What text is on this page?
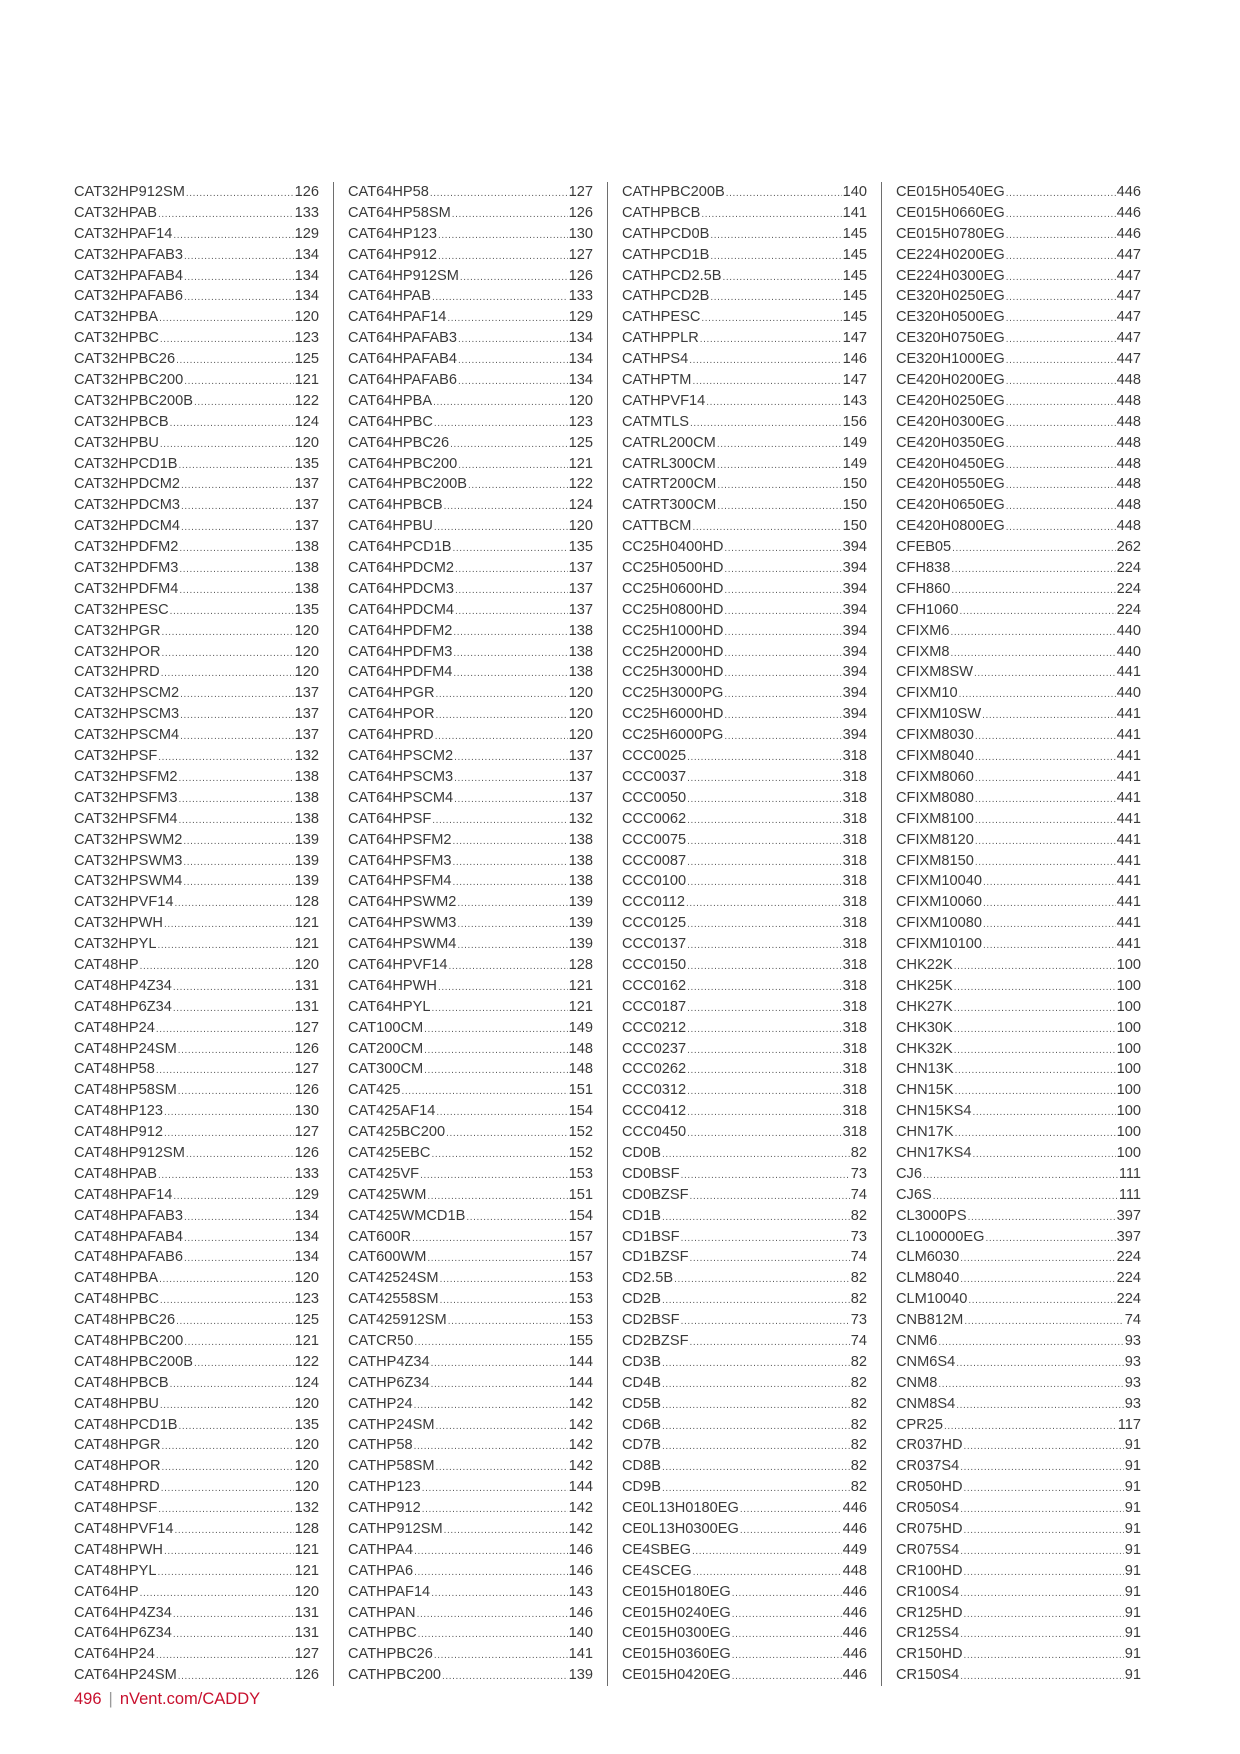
CAT32HP912SM .....	126
CAT32HPAB .....	133
CAT32HPAF14 .....	129
CAT32HPAFAB3 .....	134
CAT32HPAFAB4 .....	134
CAT32HPAFAB6 .....	134
CAT32HPBA .....	120
CAT32HPBC .....	123
CAT32HPBC26 .....	125
CAT32HPBC200 .....	121
CAT32HPBC200B .....	122
CAT32HPBCB .....	124
CAT32HPBU .....	120
CAT32HPCD1B .....	135
CAT32HPDCM2 .....	137
CAT32HPDCM3 .....	137
CAT32HPDCM4 .....	137
CAT32HPDFM2 .....	138
CAT32HPDFM3 .....	138
CAT32HPDFM4 .....	138
CAT32HPESC .....	135
CAT32HPGR .....	120
CAT32HPOR .....	120
CAT32HPRD .....	120
CAT32HPSCM2 .....	137
CAT32HPSCM3 .....	137
CAT32HPSCM4 .....	137
CAT32HPSF .....	132
CAT32HPSFM2 .....	138
CAT32HPSFM3 .....	138
CAT32HPSFM4 .....	138
CAT32HPSWM2 .....	139
CAT32HPSWM3 .....	139
CAT32HPSWM4 .....	139
CAT32HPVF14 .....	128
CAT32HPWH .....	121
CAT32HPYL .....	121
CAT48HP .....	120
CAT48HP4Z34 .....	131
CAT48HP6Z34 .....	131
CAT48HP24 .....	127
CAT48HP24SM .....	126
CAT48HP58 .....	127
CAT48HP58SM .....	126
CAT48HP123 .....	130
CAT48HP912 .....	127
CAT48HP912SM .....	126
CAT48HPAB .....	133
CAT48HPAF14 .....	129
CAT48HPAFAB3 .....	134
CAT48HPAFAB4 .....	134
CAT48HPAFAB6 .....	134
CAT48HPBA .....	120
CAT48HPBC .....	123
CAT48HPBC26 .....	125
CAT48HPBC200 .....	121
CAT48HPBC200B .....	122
CAT48HPBCB .....	124
CAT48HPBU .....	120
CAT48HPCD1B .....	135
CAT48HPGR .....	120
CAT48HPOR .....	120
CAT48HPRD .....	120
CAT48HPSF .....	132
CAT48HPVF14 .....	128
CAT48HPWH .....	121
CAT48HPYL .....	121
CAT64HP .....	120
CAT64HP4Z34 .....	131
CAT64HP6Z34 .....	131
CAT64HP24 .....	127
CAT64HP24SM .....	126
CAT64HP58 .....	127
CAT64HP58SM .....	126
CAT64HP123 .....	130
CAT64HP912 .....	127
CAT64HP912SM .....	126
CAT64HPAB .....	133
CAT64HPAF14 .....	129
CAT64HPAFAB3 .....	134
CAT64HPAFAB4 .....	134
CAT64HPAFAB6 .....	134
CAT64HPBA .....	120
CAT64HPBC .....	123
CAT64HPBC26 .....	125
CAT64HPBC200 .....	121
CAT64HPBC200B .....	122
CAT64HPBCB .....	124
CAT64HPBU .....	120
CAT64HPCD1B .....	135
CAT64HPDCM2 .....	137
CAT64HPDCM3 .....	137
CAT64HPDCM4 .....	137
CAT64HPDFM2 .....	138
CAT64HPDFM3 .....	138
CAT64HPDFM4 .....	138
CAT64HPGR .....	120
CAT64HPOR .....	120
CAT64HPRD .....	120
CAT64HPSCM2 .....	137
CAT64HPSCM3 .....	137
CAT64HPSCM4 .....	137
CAT64HPSF .....	132
CAT64HPSFM2 .....	138
CAT64HPSFM3 .....	138
CAT64HPSFM4 .....	138
CAT64HPSWM2 .....	139
CAT64HPSWM3 .....	139
CAT64HPSWM4 .....	139
CAT64HPVF14 .....	128
CAT64HPWH .....	121
CAT64HPYL .....	121
CAT100CM .....	149
CAT200CM .....	148
CAT300CM .....	148
CAT425 .....	151
CAT425AF14 .....	154
CAT425BC200 .....	152
CAT425EBC .....	152
CAT425VF .....	153
CAT425WM .....	151
CAT425WMCD1B .....	154
CAT600R .....	157
CAT600WM .....	157
CAT42524SM .....	153
CAT42558SM .....	153
CAT425912SM .....	153
CATCR50 .....	155
CATHP4Z34 .....	144
CATHP6Z34 .....	144
CATHP24 .....	142
CATHP24SM .....	142
CATHP58 .....	142
CATHP58SM .....	142
CATHP123 .....	144
CATHP912 .....	142
CATHP912SM .....	142
CATHPA4 .....	146
CATHPA6 .....	146
CATHPAF14 .....	143
CATHPAN .....	146
CATHPBC .....	140
CATHPBC26 .....	141
CATHPBC200 .....	139
CATHPBC200B .....	140
CATHPBCB .....	141
CATHPCD0B .....	145
CATHPCD1B .....	145
CATHPCD2.5B .....	145
CATHPCD2B .....	145
CATHPESC .....	145
CATHPPLR .....	147
CATHPS4 .....	146
CATHPTM .....	147
CATHPVF14 .....	143
CATMTLS .....	156
CATRL200CM .....	149
CATRL300CM .....	149
CATRT200CM .....	150
CATRT300CM .....	150
CATTBCM .....	150
CC25H0400HD .....	394
CC25H0500HD .....	394
CC25H0600HD .....	394
CC25H0800HD .....	394
CC25H1000HD .....	394
CC25H2000HD .....	394
CC25H3000HD .....	394
CC25H3000PG .....	394
CC25H6000HD .....	394
CC25H6000PG .....	394
CCC0025 .....	318
CCC0037 .....	318
CCC0050 .....	318
CCC0062 .....	318
CCC0075 .....	318
CCC0087 .....	318
CCC0100 .....	318
CCC0112 .....	318
CCC0125 .....	318
CCC0137 .....	318
CCC0150 .....	318
CCC0162 .....	318
CCC0187 .....	318
CCC0212 .....	318
CCC0237 .....	318
CCC0262 .....	318
CCC0312 .....	318
CCC0412 .....	318
CCC0450 .....	318
CD0B .....	82
CD0BSF .....	73
CD0BZSF .....	74
CD1B .....	82
CD1BSF .....	73
CD1BZSF .....	74
CD2.5B .....	82
CD2B .....	82
CD2BSF .....	73
CD2BZSF .....	74
CD3B .....	82
CD4B .....	82
CD5B .....	82
CD6B .....	82
CD7B .....	82
CD8B .....	82
CD9B .....	82
CE0L13H0180EG .....	446
CE0L13H0300EG .....	446
CE4SBEG .....	449
CE4SCEG .....	448
CE015H0180EG .....	446
CE015H0240EG .....	446
CE015H0300EG .....	446
CE015H0360EG .....	446
CE015H0420EG .....	446
CE015H0540EG .....	446
CE015H0660EG .....	446
CE015H0780EG .....	446
CE224H0200EG .....	447
CE224H0300EG .....	447
CE320H0250EG .....	447
CE320H0500EG .....	447
CE320H0750EG .....	447
CE320H1000EG .....	447
CE420H0200EG .....	448
CE420H0250EG .....	448
CE420H0300EG .....	448
CE420H0350EG .....	448
CE420H0450EG .....	448
CE420H0550EG .....	448
CE420H0650EG .....	448
CE420H0800EG .....	448
CFEB05 .....	262
CFH838 .....	224
CFH860 .....	224
CFH1060 .....	224
CFIXM6 .....	440
CFIXM8 .....	440
CFIXM8SW .....	441
CFIXM10 .....	440
CFIXM10SW .....	441
CFIXM8030 .....	441
CFIXM8040 .....	441
CFIXM8060 .....	441
CFIXM8080 .....	441
CFIXM8100 .....	441
CFIXM8120 .....	441
CFIXM8150 .....	441
CFIXM10040 .....	441
CFIXM10060 .....	441
CFIXM10080 .....	441
CFIXM10100 .....	441
CHK22K .....	100
CHK25K .....	100
CHK27K .....	100
CHK30K .....	100
CHK32K .....	100
CHN13K .....	100
CHN15K .....	100
CHN15KS4 .....	100
CHN17K .....	100
CHN17KS4 .....	100
CJ6 .....	111
CJ6S .....	111
CL3000PS .....	397
CL100000EG .....	397
CLM6030 .....	224
CLM8040 .....	224
CLM10040 .....	224
CNB812M .....	74
CNM6 .....	93
CNM6S4 .....	93
CNM8 .....	93
CNM8S4 .....	93
CPR25 .....	117
CR037HD .....	91
CR037S4 .....	91
CR050HD .....	91
CR050S4 .....	91
CR075HD .....	91
CR075S4 .....	91
CR100HD .....	91
CR100S4 .....	91
CR125HD .....	91
CR125S4 .....	91
CR150HD .....	91
CR150S4 .....	91
496 | nVent.com/CADDY
